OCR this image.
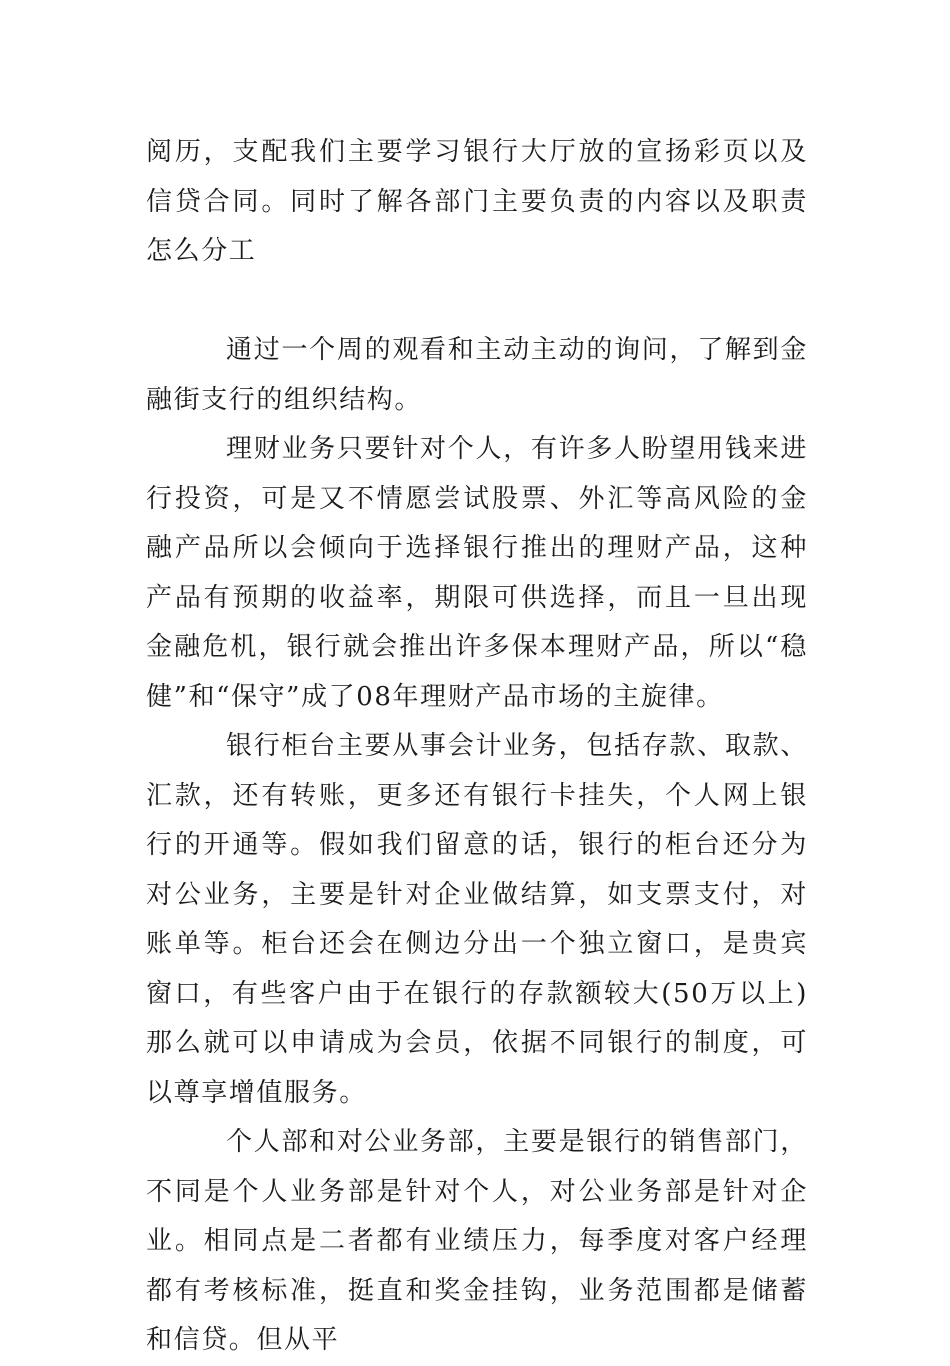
阅历，支配我们主要学习银行大厅放的宣扬彩页以及信贷合同。同时了解各部门主要负责的内容以及职责怎么分工

通过一个周的观看和主动主动的询问，了解到金融街支行的组织结构。

理财业务只要针对个人，有许多人盼望用钱来进行投资，可是又不情愿尝试股票、外汇等高风险的金融产品所以会倾向于选择银行推出的理财产品，这种产品有预期的收益率，期限可供选择，而且一旦出现金融危机，银行就会推出许多保本理财产品，所以“稳健”和“保守”成了08年理财产品市场的主旋律。

银行柜台主要从事会计业务，包括存款、取款、汇款，还有转账，更多还有银行卡挂失，个人网上银行的开通等。假如我们留意的话，银行的柜台还分为对公业务，主要是针对企业做结算，如支票支付，对账单等。柜台还会在侧边分出一个独立窗口，是贵宾窗口，有些客户由于在银行的存款额较大(50万以上)那么就可以申请成为会员，依据不同银行的制度，可以尊享增值服务。

个人部和对公业务部，主要是银行的销售部门，不同是个人业务部是针对个人，对公业务部是针对企业。相同点是二者都有业绩压力，每季度对客户经理都有考核标准，挺直和奖金挂钩，业务范围都是储蓄和信贷。但从平
